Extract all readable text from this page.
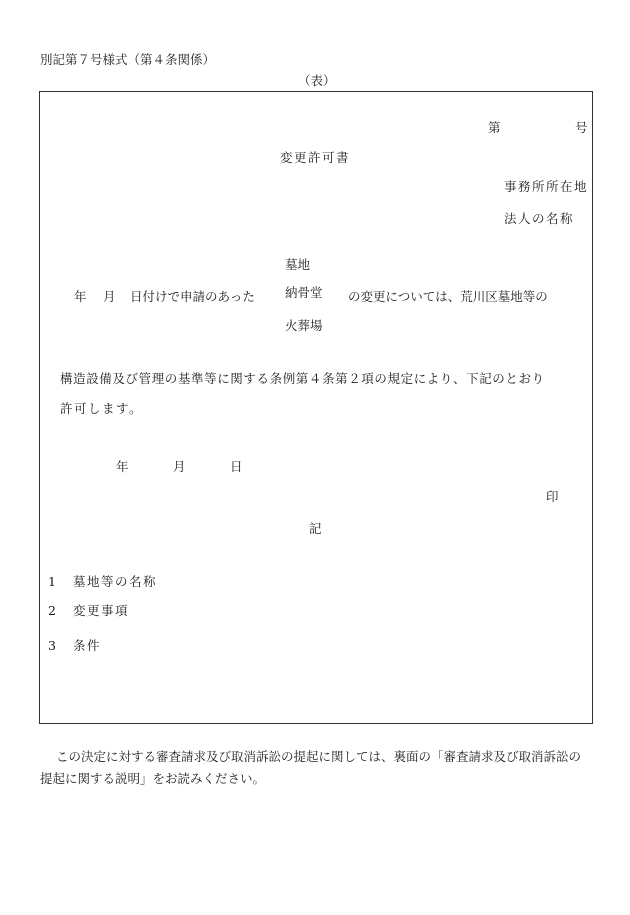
別記第７号様式（第４条関係）
（表）
第	号
変更許可書
事務所所在地
法人の名称
年 月 日付けで申請のあった
墓地
納骨堂
火葬場
の変更については、荒川区墓地等の
構造設備及び管理の基準等に関する条例第４条第２項の規定により、下記のとおり
許可します。
年	月	日
印
記
1 墓地等の名称
2 変更事項
3 条件
この決定に対する審査請求及び取消訴訟の提起に関しては、裏面の「審査請求及び取消訴訟の提起に関する説明」をお読みください。
